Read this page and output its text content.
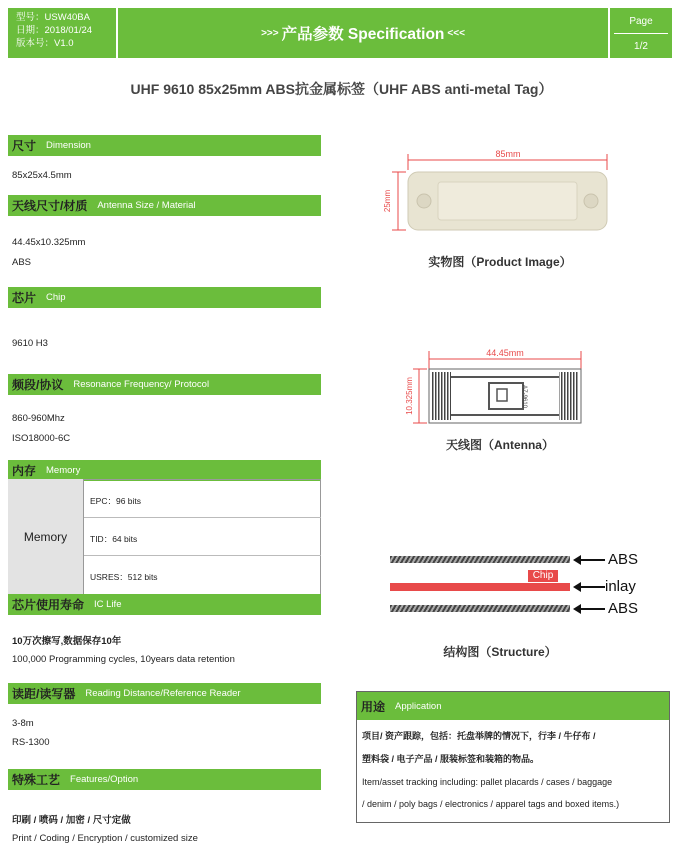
型号：USW40BA
日期：2018/01/24
版本号：V1.0
>>> 产品参数 Specification <<<
Page
1/2
UHF 9610 85x25mm ABS抗金属标签（UHF ABS anti-metal Tag）
尺寸 Dimension
85x25x4.5mm
天线尺寸/材质 Antenna Size / Material
44.45x10.325mm
ABS
芯片 Chip
9610 H3
频段/协议 Resonance Frequency/ Protocol
860-960Mhz
ISO18000-6C
内存 Memory
Memory
EPC：96 bits
TID：64 bits
USRES：512 bits
芯片使用寿命 IC Life
10万次擦写,数据保存10年
100,000 Programming cycles, 10years data retention
读距/读写器 Reading Distance/Reference Reader
3-8m
RS-1300
特殊工艺 Features/Option
印刷 / 喷码 / 加密 / 尺寸定做
Print / Coding / Encryption / customized size
85mm
25mm
实物图（Product Image）
AZ-9610
44.45mm
10.325mm
天线图（Antenna）
Chip
ABS
inlay
ABS
结构图（Structure）
用途 Application
项目/ 资产跟踪，包括：托盘举牌的情况下，行李 / 牛仔布 /
塑料袋 / 电子产品 / 服装标签和装箱的物品。
Item/asset tracking including: pallet placards / cases / baggage
/ denim / poly bags / electronics / apparel tags and boxed items.)
